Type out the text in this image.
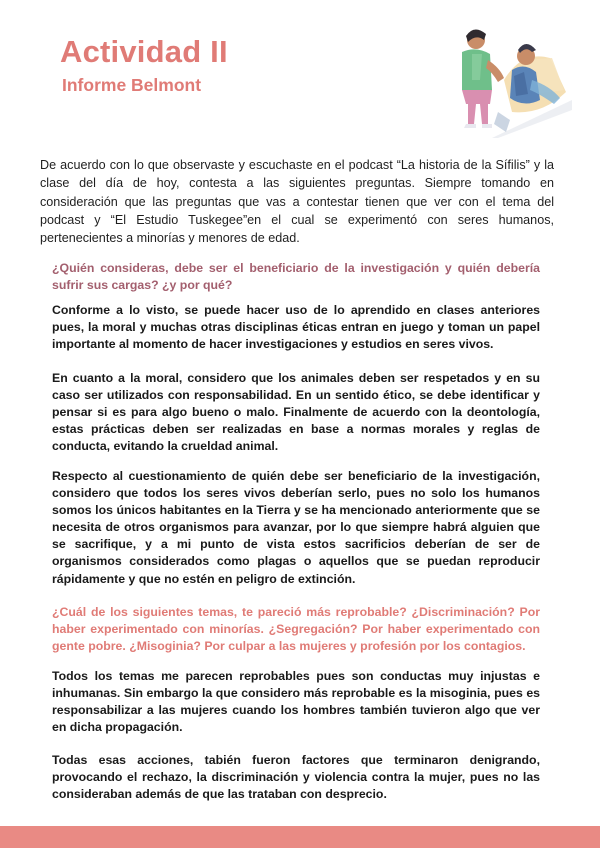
Actividad II
Informe Belmont

De acuerdo con lo que observaste y escuchaste en el podcast “La historia de la Sífilis” y la clase del día de hoy, contesta a las siguientes preguntas. Siempre tomando en consideración que las preguntas que vas a contestar tienen que ver con el tema del podcast y “El Estudio Tuskegee”en el cual se experimentó con seres humanos, pertenecientes a minorías y menores de edad.

¿Quién consideras, debe ser el beneficiario de la investigación y quién debería sufrir sus cargas? ¿y por qué?

Conforme a lo visto, se puede hacer uso de lo aprendido en clases anteriores pues, la moral y muchas otras disciplinas éticas entran en juego y toman un papel importante al momento de hacer investigaciones y estudios en seres vivos.

En cuanto a la moral, considero que los animales deben ser respetados y en su caso ser utilizados con responsabilidad. En un sentido ético, se debe identificar y pensar si es para algo bueno o malo. Finalmente de acuerdo con la deontología, estas prácticas deben ser realizadas en base a normas morales y reglas de conducta, evitando la crueldad animal.

Respecto al cuestionamiento de quién debe ser beneficiario de la investigación, considero que todos los seres vivos deberían serlo, pues no solo los humanos somos los únicos habitantes en la Tierra y se ha mencionado anteriormente que se necesita de otros organismos para avanzar, por lo que siempre habrá alguien que se sacrifique, y a mi punto de vista estos sacrificios deberían de ser de organismos considerados como plagas o aquellos que se puedan reproducir rápidamente y que no estén en peligro de extinción.

¿Cuál de los siguientes temas, te pareció más reprobable? ¿Discriminación? Por haber experimentado con minorías. ¿Segregación? Por haber experimentado con gente pobre. ¿Misoginia? Por culpar a las mujeres y profesión por los contagios.

Todos los temas me parecen reprobables pues son conductas muy injustas e inhumanas. Sin embargo la que considero más reprobable es la misoginia, pues es responsabilizar a las mujeres cuando los hombres también tuvieron algo que ver en dicha propagación.

Todas esas acciones, tabién fueron factores que terminaron denigrando, provocando el rechazo, la discriminación y violencia contra la mujer, pues no las consideraban además de que las trataban con desprecio.
